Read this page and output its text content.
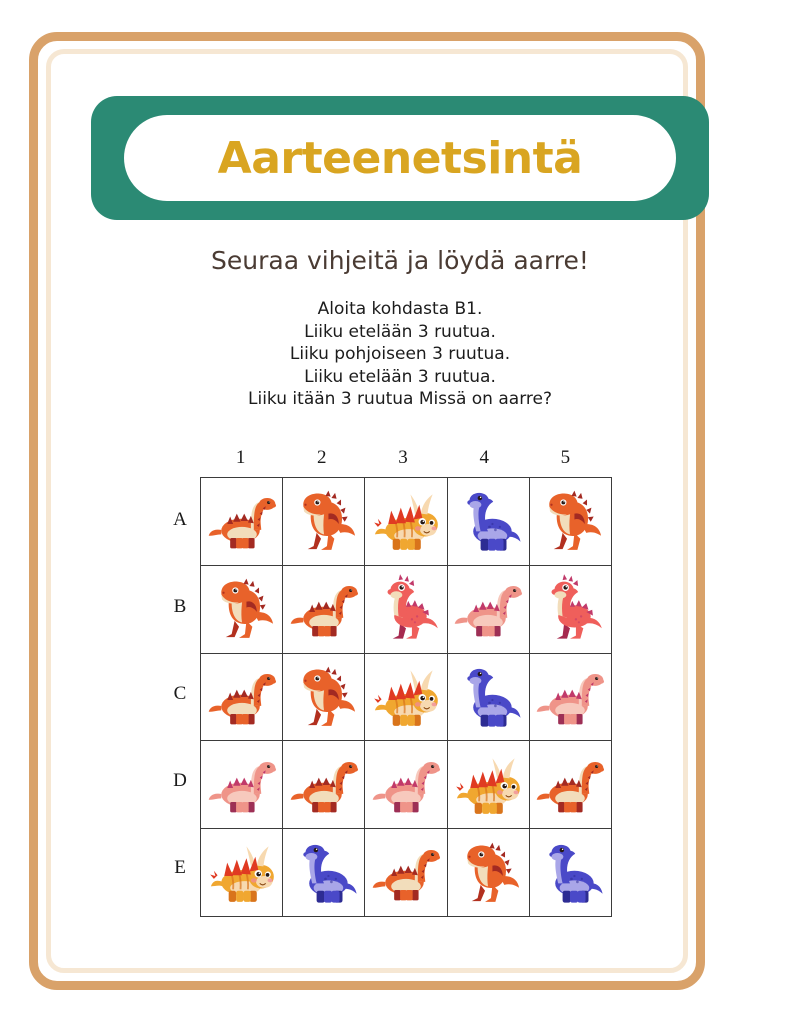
Aarteenetsintä
Seuraa vihjeitä ja löydä aarre!
Aloita kohdasta B1.
Liiku etelään 3 ruutua.
Liiku pohjoiseen 3 ruutua.
Liiku etelään 3 ruutua.
Liiku itään 3 ruutua Missä on aarre?
1	2	3	4	5
A
B
C
D
E
